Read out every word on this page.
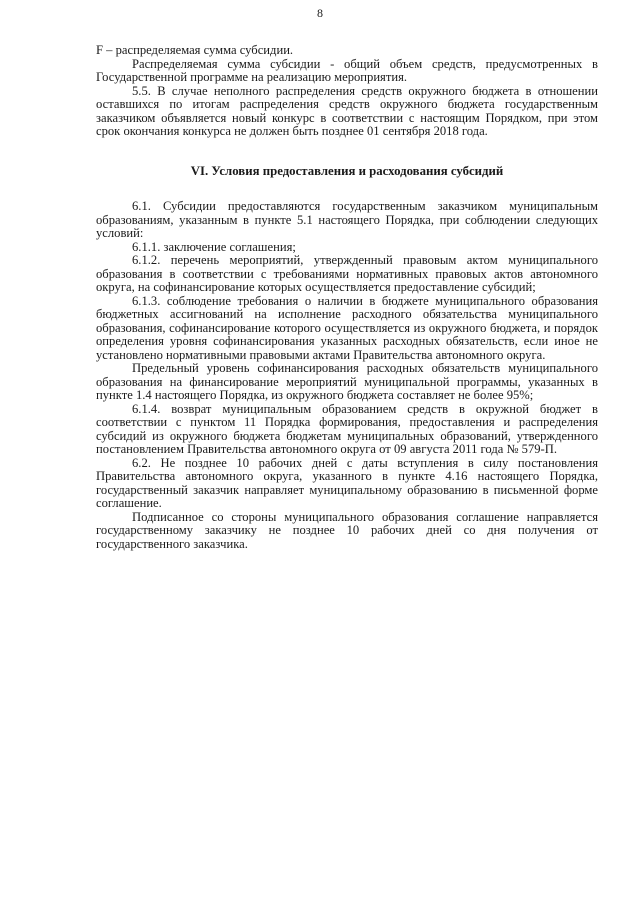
8

F – распределяемая сумма субсидии.

Распределяемая сумма субсидии - общий объем средств, предусмотренных в Государственной программе на реализацию мероприятия.

5.5. В случае неполного распределения средств окружного бюджета в отношении оставшихся по итогам распределения средств окружного бюджета государственным заказчиком объявляется новый конкурс в соответствии с настоящим Порядком, при этом срок окончания конкурса не должен быть позднее 01 сентября 2018 года.

VI. Условия предоставления и расходования субсидий

6.1. Субсидии предоставляются государственным заказчиком муниципальным образованиям, указанным в пункте 5.1 настоящего Порядка, при соблюдении следующих условий:

6.1.1. заключение соглашения;

6.1.2. перечень мероприятий, утвержденный правовым актом муниципального образования в соответствии с требованиями нормативных правовых актов автономного округа, на софинансирование которых осуществляется предоставление субсидий;

6.1.3. соблюдение требования о наличии в бюджете муниципального образования бюджетных ассигнований на исполнение расходного обязательства муниципального образования, софинансирование которого осуществляется из окружного бюджета, и порядок определения уровня софинансирования указанных расходных обязательств, если иное не установлено нормативными правовыми актами Правительства автономного округа.

Предельный уровень софинансирования расходных обязательств муниципального образования на финансирование мероприятий муниципальной программы, указанных в пункте 1.4 настоящего Порядка, из окружного бюджета составляет не более 95%;

6.1.4. возврат муниципальным образованием средств в окружной бюджет в соответствии с пунктом 11 Порядка формирования, предоставления и распределения субсидий из окружного бюджета бюджетам муниципальных образований, утвержденного постановлением Правительства автономного округа от 09 августа 2011 года № 579-П.

6.2. Не позднее 10 рабочих дней с даты вступления в силу постановления Правительства автономного округа, указанного в пункте 4.16 настоящего Порядка, государственный заказчик направляет муниципальному образованию в письменной форме соглашение.

Подписанное со стороны муниципального образования соглашение направляется государственному заказчику не позднее 10 рабочих дней со дня получения от государственного заказчика.
